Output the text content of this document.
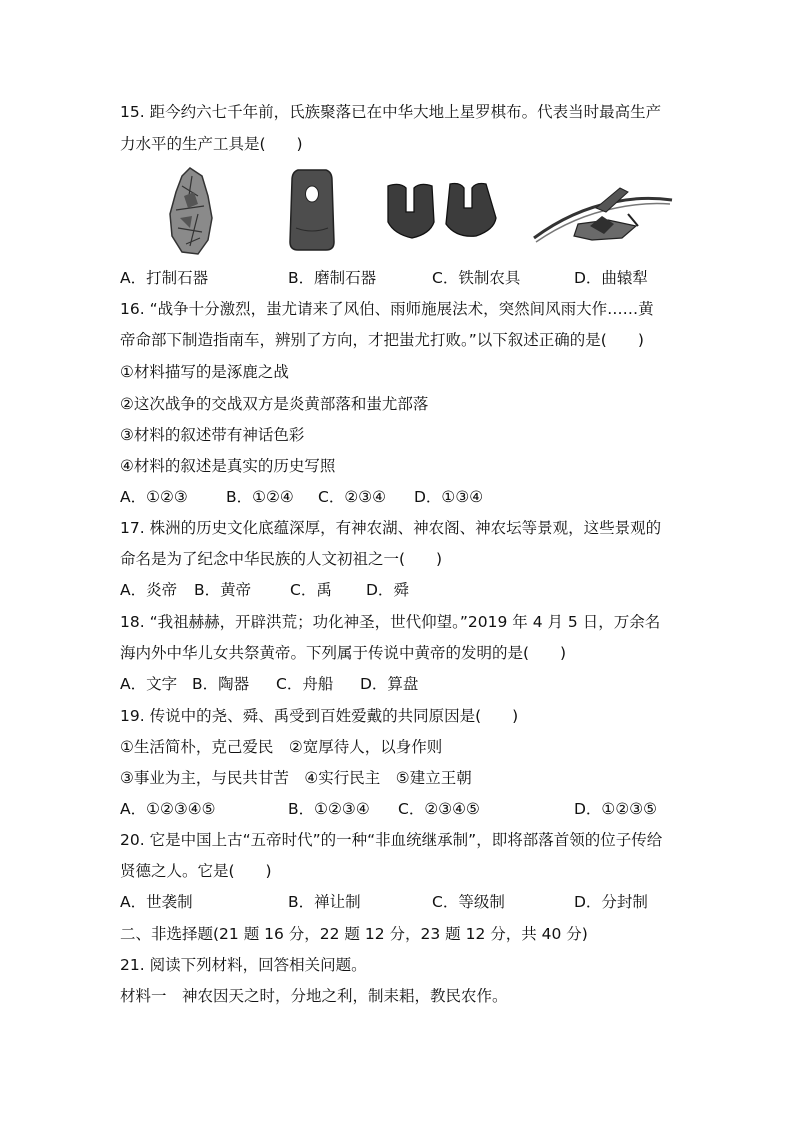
15. 距今约六七千年前，氏族聚落已在中华大地上星罗棋布。代表当时最高生产
力水平的生产工具是(　　)
A．打制石器	B．磨制石器	C．铁制农具	D．曲辕犁
16. “战争十分激烈，蚩尤请来了风伯、雨师施展法术，突然间风雨大作……黄
帝命部下制造指南车，辨别了方向，才把蚩尤打败。”以下叙述正确的是(　　)
①材料描写的是涿鹿之战
②这次战争的交战双方是炎黄部落和蚩尤部落
③材料的叙述带有神话色彩
④材料的叙述是真实的历史写照
A．①②③ B．①②④ C．②③④ D．①③④
17. 株洲的历史文化底蕴深厚，有神农湖、神农阁、神农坛等景观，这些景观的
命名是为了纪念中华民族的人文初祖之一(　　)
A．炎帝 B．黄帝	C．禹 D．舜
18. “我祖赫赫，开辟洪荒；功化神圣，世代仰望。”2019 年 4 月 5 日，万余名
海内外中华儿女共祭黄帝。下列属于传说中黄帝的发明的是(　　)
A．文字 B．陶器 C．舟船 D．算盘
19. 传说中的尧、舜、禹受到百姓爱戴的共同原因是(　　)
①生活简朴，克己爱民　②宽厚待人，以身作则
③事业为主，与民共甘苦　④实行民主　⑤建立王朝
A．①②③④⑤	B．①②③④ C．②③④⑤	D．①②③⑤
20. 它是中国上古“五帝时代”的一种“非血统继承制”，即将部落首领的位子传给
贤德之人。它是(　　)
A．世袭制	B．禅让制	C．等级制	D．分封制
二、非选择题(21 题 16 分，22 题 12 分，23 题 12 分，共 40 分)
21. 阅读下列材料，回答相关问题。
材料一　神农因天之时，分地之利，制耒耜，教民农作。
